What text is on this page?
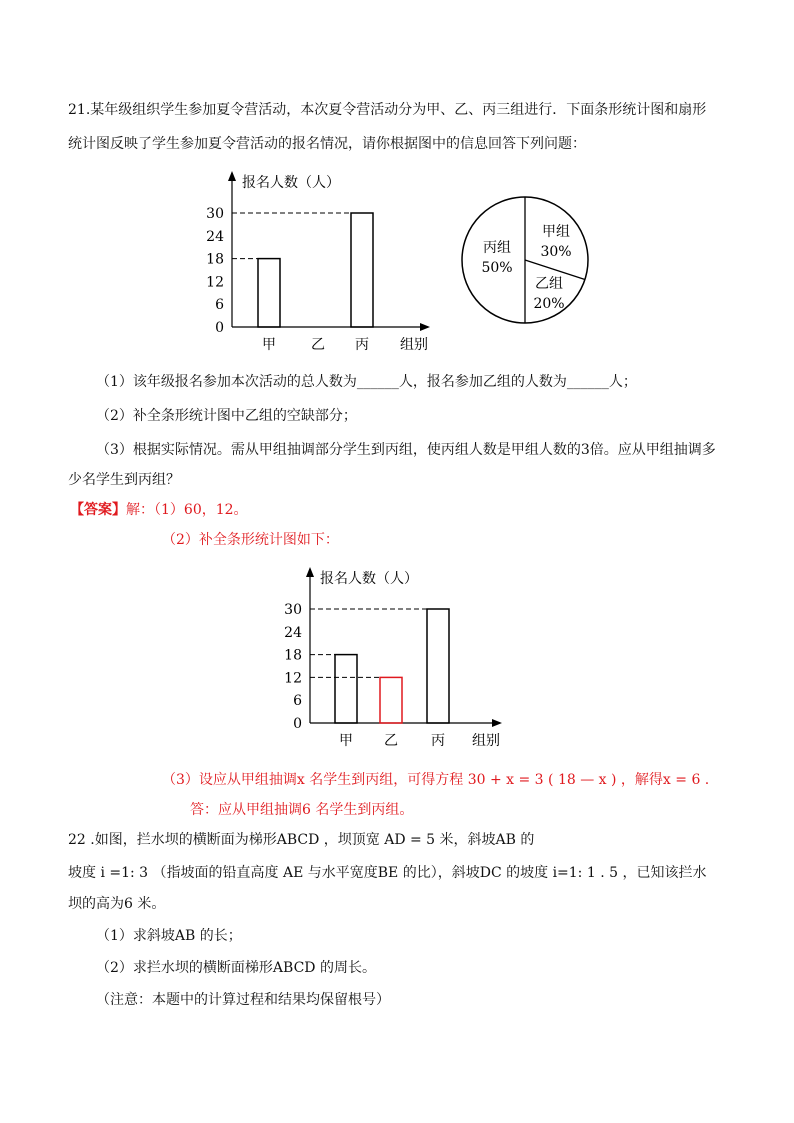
21.某年级组织学生参加夏令营活动，本次夏令营活动分为甲、乙、丙三组进行．下面条形统计图和扇形
统计图反映了学生参加夏令营活动的报名情况，请你根据图中的信息回答下列问题：
报名人数（人）
0
6
12
18
24
30
甲	乙 丙 组别
甲组
30%
乙组
20%
丙组
50%
（1）该年级报名参加本次活动的总人数为______人，报名参加乙组的人数为______人；
（2）补全条形统计图中乙组的空缺部分；
（3）根据实际情况。需从甲组抽调部分学生到丙组，使丙组人数是甲组人数的3倍。应从甲组抽调多
少名学生到丙组？
【答案】解：（1）60，12。
（2）补全条形统计图如下：
报名人数（人）
0
6
12
18
24
30
甲 乙 丙 组别
（3）设应从甲组抽调x 名学生到丙组，可得方程 30 + x = 3 ( 18 — x ) ，解得x = 6 .
答：应从甲组抽调6 名学生到丙组。
22 .如图，拦水坝的横断面为梯形ABCD ，坝顶宽 AD = 5 米，斜坡AB 的
坡度 i =1: 3 （指坡面的铅直高度 AE 与水平宽度BE 的比），斜坡DC 的坡度 i=1: 1 . 5 ，已知该拦水
坝的高为6 米。
（1）求斜坡AB 的长；
（2）求拦水坝的横断面梯形ABCD 的周长。
（注意：本题中的计算过程和结果均保留根号）
